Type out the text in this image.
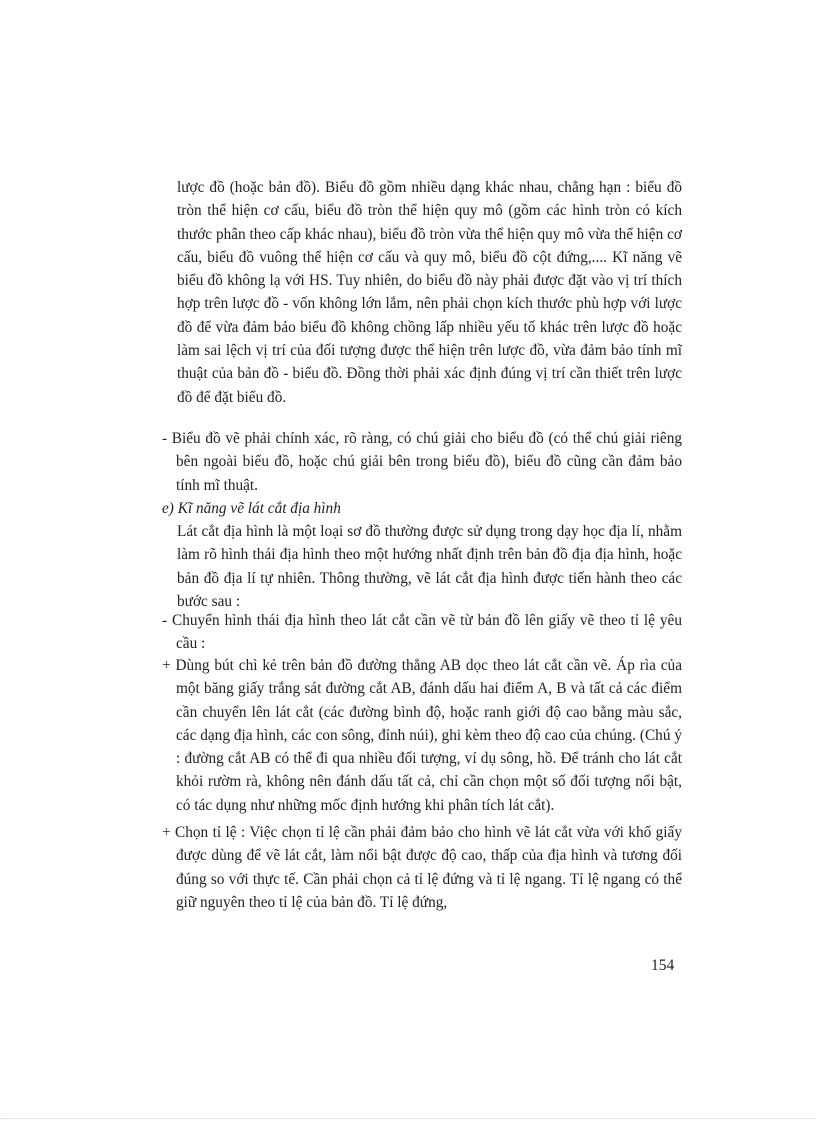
lược đồ (hoặc bản đồ). Biểu đồ gồm nhiều dạng khác nhau, chẳng hạn : biểu đồ tròn thể hiện cơ cấu, biểu đồ tròn thể hiện quy mô (gồm các hình tròn có kích thước phân theo cấp khác nhau), biểu đồ tròn vừa thể hiện quy mô vừa thể hiện cơ cấu, biểu đồ vuông thể hiện cơ cấu và quy mô, biểu đồ cột đứng,.... Kĩ năng vẽ biểu đồ không lạ với HS. Tuy nhiên, do biểu đồ này phải được đặt vào vị trí thích hợp trên lược đồ - vốn không lớn lắm, nên phải chọn kích thước phù hợp với lược đồ để vừa đảm bảo biểu đồ không chồng lấp nhiều yếu tố khác trên lược đồ hoặc làm sai lệch vị trí của đối tượng được thể hiện trên lược đồ, vừa đảm bảo tính mĩ thuật của bản đồ - biểu đồ. Đồng thời phải xác định đúng vị trí cần thiết trên lược đồ để đặt biểu đồ.

- Biểu đồ vẽ phải chính xác, rõ ràng, có chú giải cho biểu đồ (có thể chú giải riêng bên ngoài biểu đồ, hoặc chú giải bên trong biểu đồ), biểu đồ cũng cần đảm bảo tính mĩ thuật.

e) Kĩ năng vẽ lát cắt địa hình

Lát cắt địa hình là một loại sơ đồ thường được sử dụng trong dạy học địa lí, nhằm làm rõ hình thái địa hình theo một hướng nhất định trên bản đồ địa địa hình, hoặc bản đồ địa lí tự nhiên. Thông thường, vẽ lát cắt địa hình được tiến hành theo các bước sau :

- Chuyển hình thái địa hình theo lát cắt cần vẽ từ bản đồ lên giấy vẽ theo tỉ lệ yêu cầu :

+ Dùng bút chì kẻ trên bản đồ đường thẳng AB dọc theo lát cắt cần vẽ. Áp rìa của một băng giấy trắng sát đường cắt AB, đánh dấu hai điểm A, B và tất cả các điểm cần chuyển lên lát cắt (các đường bình độ, hoặc ranh giới độ cao bằng màu sắc, các dạng địa hình, các con sông, đỉnh núi), ghi kèm theo độ cao của chúng. (Chú ý : đường cắt AB có thể đi qua nhiều đối tượng, ví dụ sông, hồ. Để tránh cho lát cắt khỏi rườm rà, không nên đánh dấu tất cả, chỉ cần chọn một số đối tượng nổi bật, có tác dụng như những mốc định hướng khi phân tích lát cắt).

+ Chọn tỉ lệ : Việc chọn tỉ lệ cần phải đảm bảo cho hình vẽ lát cắt vừa với khổ giấy được dùng để vẽ lát cắt, làm nổi bật được độ cao, thấp của địa hình và tương đối đúng so với thực tế. Cần phải chọn cả tỉ lệ đứng và tỉ lệ ngang. Tỉ lệ ngang có thể giữ nguyên theo tỉ lệ của bản đồ. Tỉ lệ đứng,

154
